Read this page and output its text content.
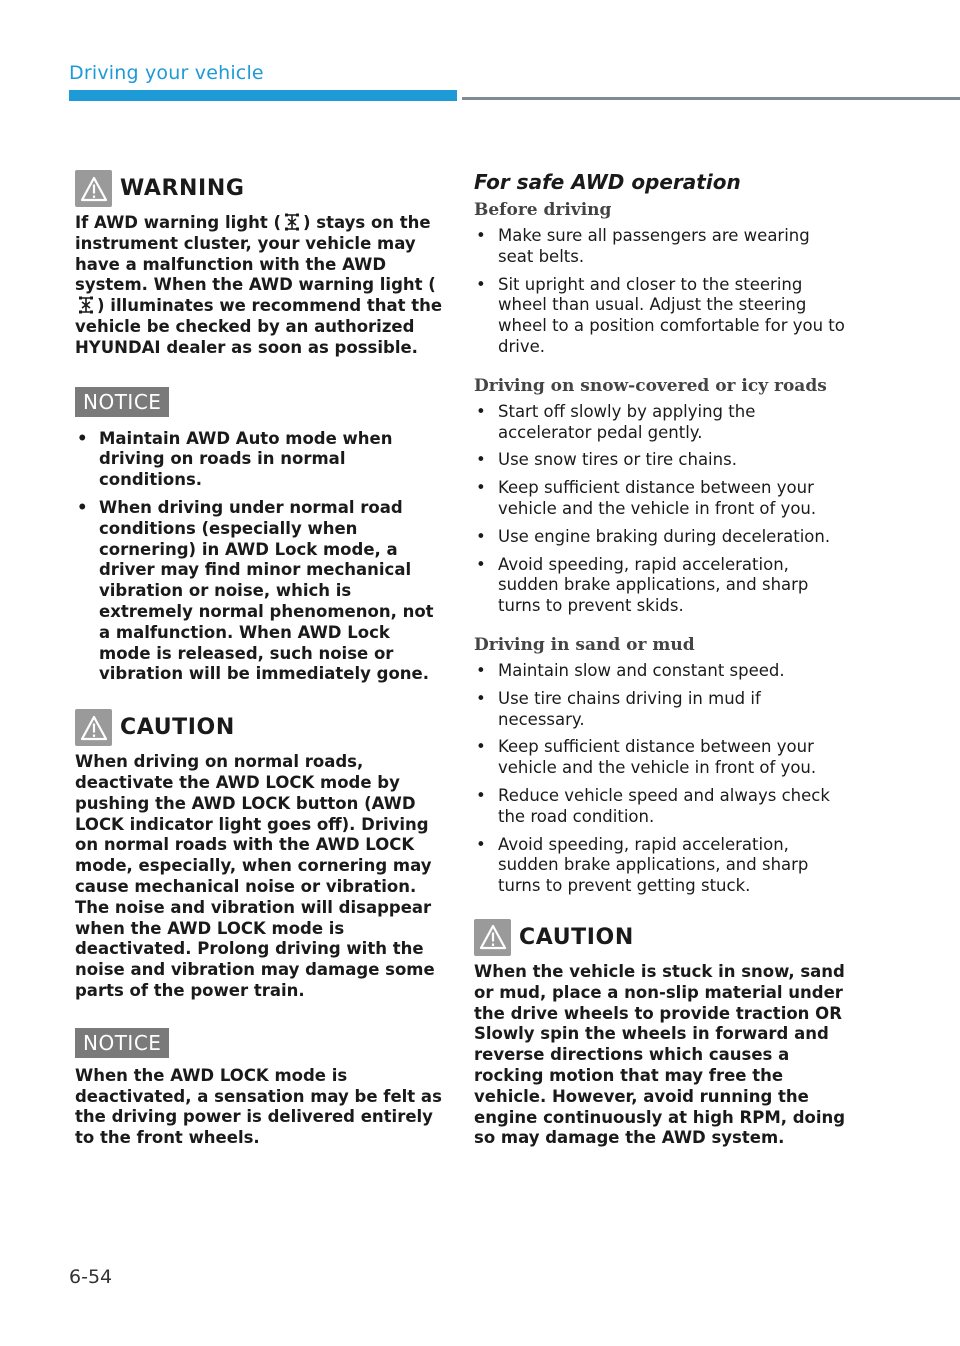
Driving your vehicle
WARNING

If AWD warning light ( ) stays on the instrument cluster, your vehicle may have a malfunction with the AWD system. When the AWD warning light () illuminates we recommend that the vehicle be checked by an authorized HYUNDAI dealer as soon as possible.

NOTICE
• Maintain AWD Auto mode when driving on roads in normal conditions.
• When driving under normal road conditions (especially when cornering) in AWD Lock mode, a driver may find minor mechanical vibration or noise, which is extremely normal phenomenon, not a malfunction. When AWD Lock mode is released, such noise or vibration will be immediately gone.
CAUTION

When driving on normal roads, deactivate the AWD LOCK mode by pushing the AWD LOCK button (AWD LOCK indicator light goes off). Driving on normal roads with the AWD LOCK mode, especially, when cornering may cause mechanical noise or vibration. The noise and vibration will disappear when the AWD LOCK mode is deactivated. Prolong driving with the noise and vibration may damage some parts of the power train.

NOTICE

When the AWD LOCK mode is deactivated, a sensation may be felt as the driving power is delivered entirely to the front wheels.

For safe AWD operation
Before driving
• Make sure all passengers are wearing seat belts.
• Sit upright and closer to the steering wheel than usual. Adjust the steering wheel to a position comfortable for you to drive.
Driving on snow-covered or icy roads
• Start off slowly by applying the accelerator pedal gently.
• Use snow tires or tire chains.
• Keep sufficient distance between your vehicle and the vehicle in front of you.
• Use engine braking during deceleration.
• Avoid speeding, rapid acceleration, sudden brake applications, and sharp turns to prevent skids.
Driving in sand or mud
• Maintain slow and constant speed.
• Use tire chains driving in mud if necessary.
• Keep sufficient distance between your vehicle and the vehicle in front of you.
• Reduce vehicle speed and always check the road condition.
• Avoid speeding, rapid acceleration, sudden brake applications, and sharp turns to prevent getting stuck.
CAUTION

When the vehicle is stuck in snow, sand or mud, place a non-slip material under the drive wheels to provide traction OR Slowly spin the wheels in forward and reverse directions which causes a rocking motion that may free the vehicle. However, avoid running the engine continuously at high RPM, doing so may damage the AWD system.

6-54
